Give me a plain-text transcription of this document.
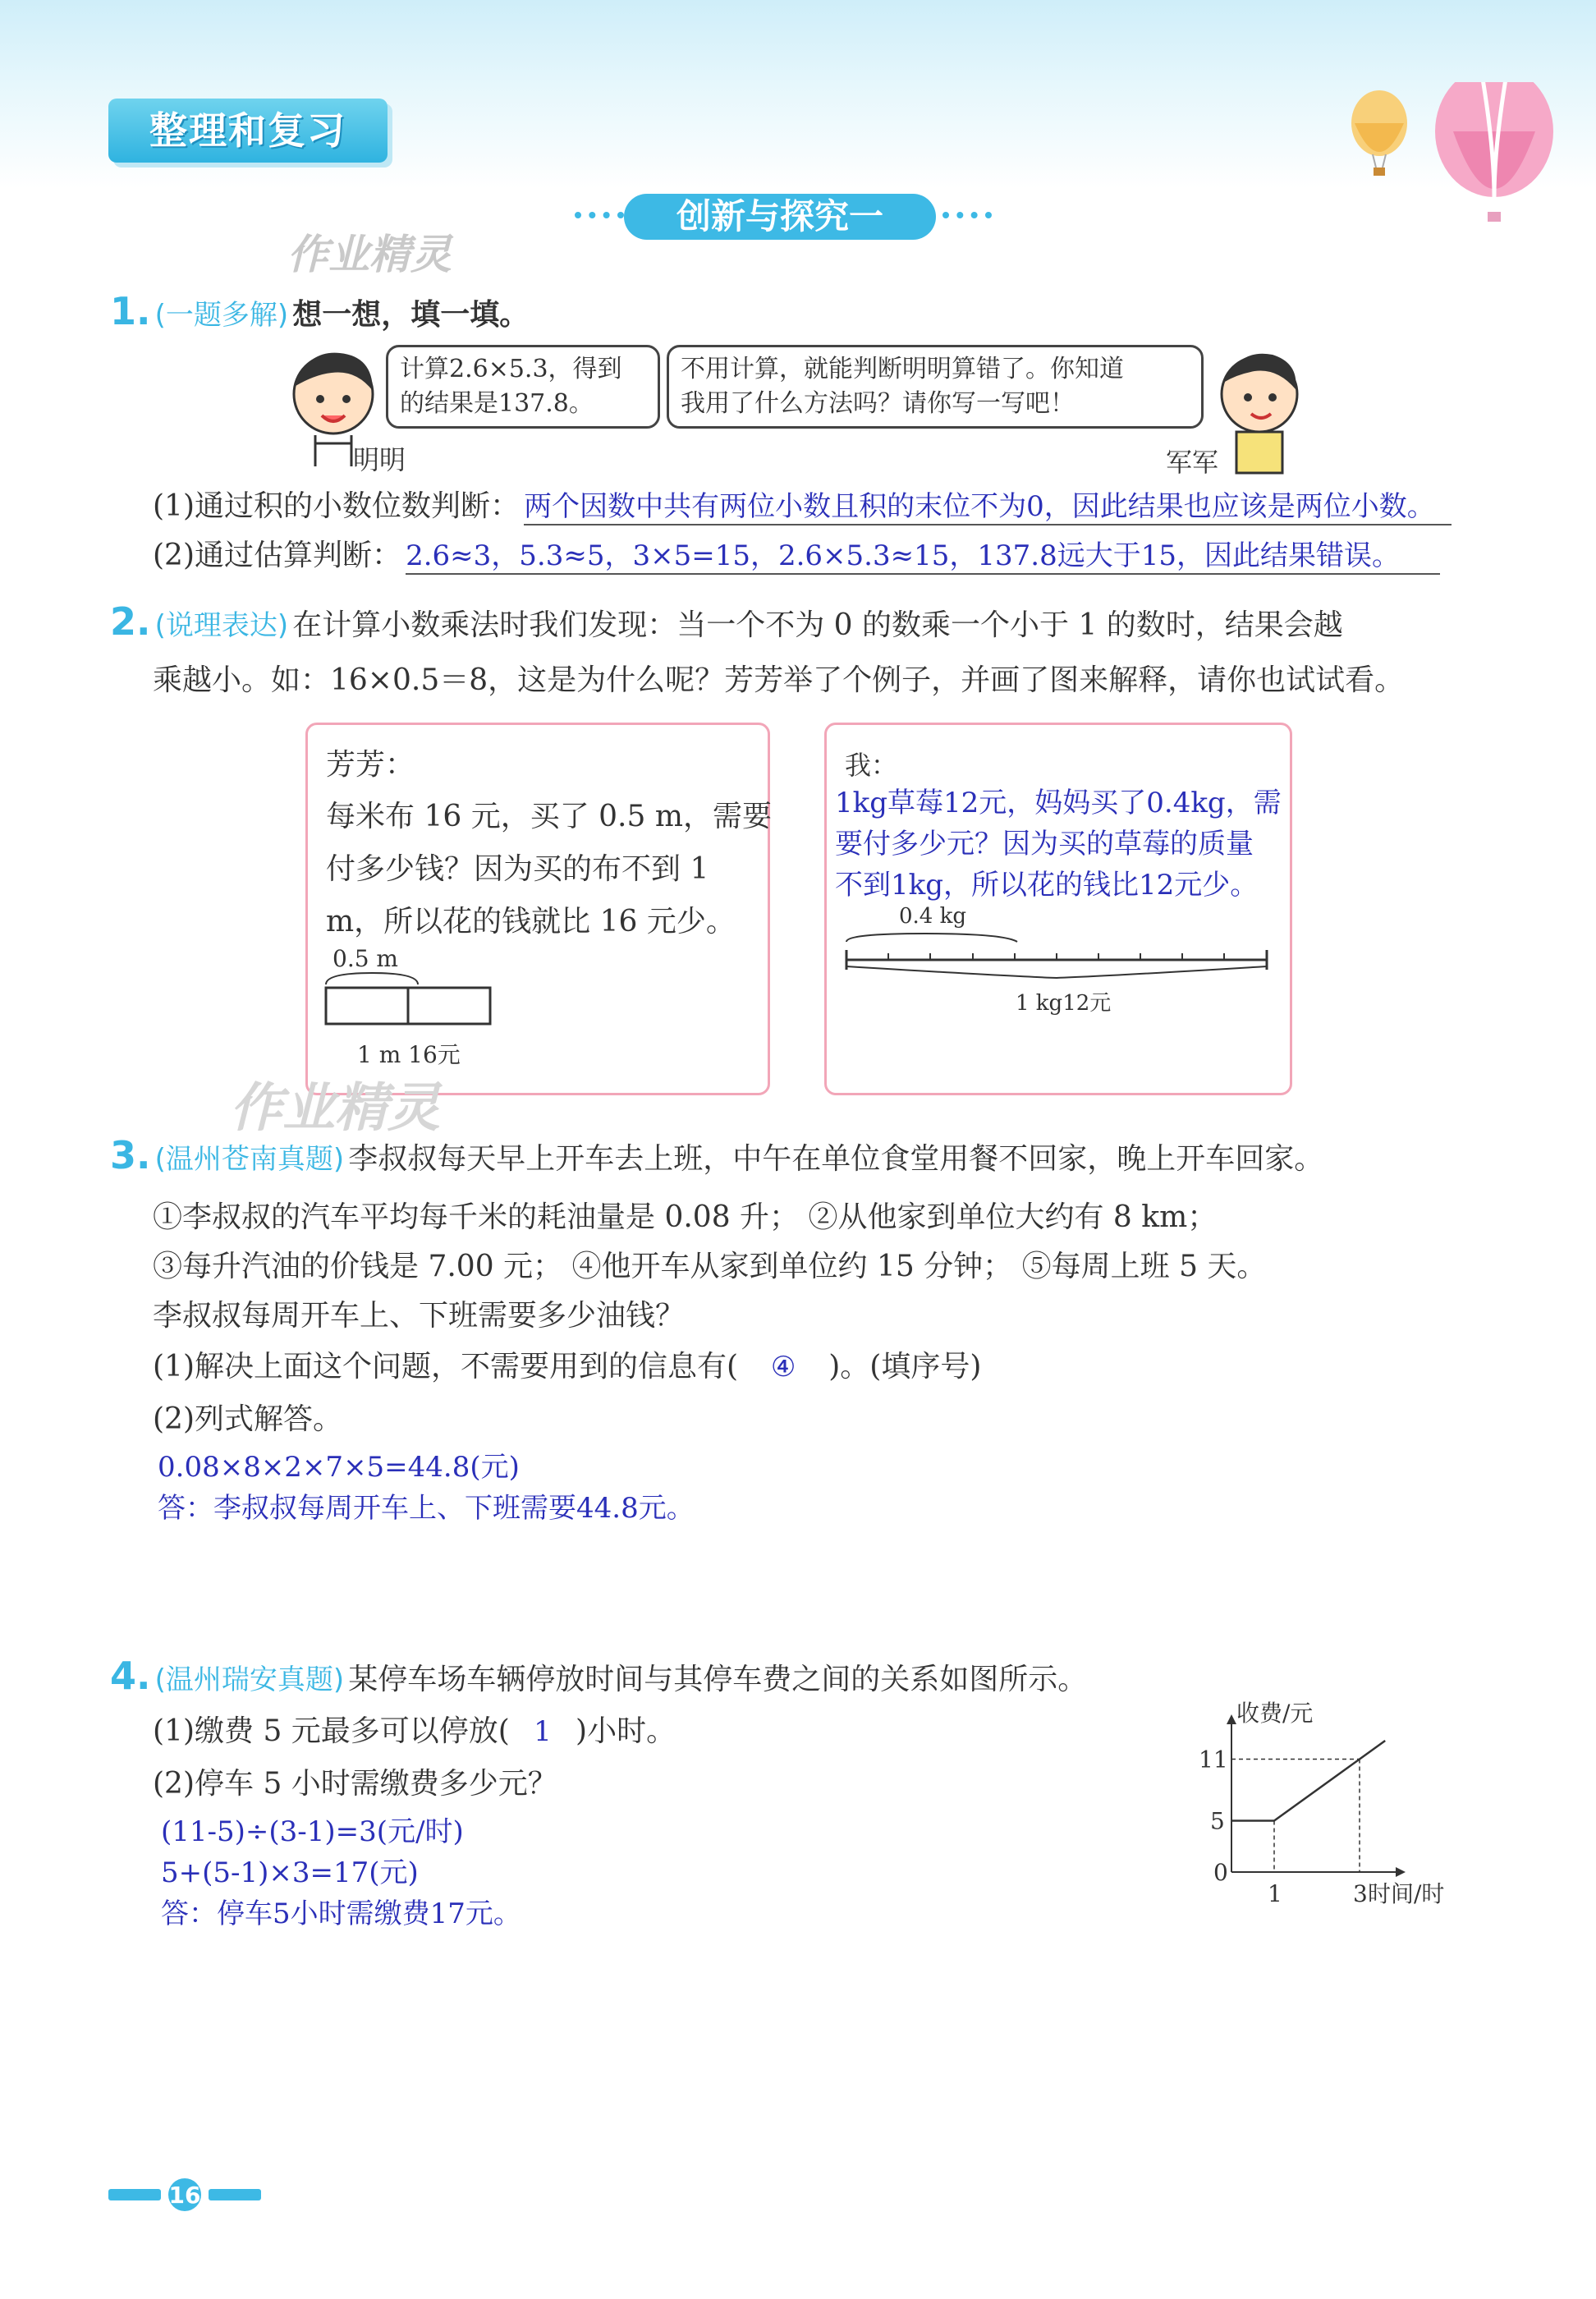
整理和复习
创新与探究一
作业精灵
1. (一题多解) 想一想，填一填。
计算2.6×5.3，得到
的结果是137.8。
明明
不用计算，就能判断明明算错了。你知道
我用了什么方法吗？请你写一写吧！
军军
(1)通过积的小数位数判断： 两个因数中共有两位小数且积的末位不为0，因此结果也应该是两位小数。
(2)通过估算判断： 2.6≈3，5.3≈5，3×5=15，2.6×5.3≈15，137.8远大于15，因此结果错误。
2. (说理表达) 在计算小数乘法时我们发现：当一个不为 0 的数乘一个小于 1 的数时，结果会越
乘越小。如：16×0.5＝8，这是为什么呢？芳芳举了个例子，并画了图来解释，请你也试试看。
芳芳：
每米布 16 元，买了 0.5 m，需要
付多少钱？因为买的布不到 1
m，所以花的钱就比 16 元少。
0.5 m
1 m 16元
我：
1kg草莓12元，妈妈买了0.4kg，需
要付多少元？因为买的草莓的质量
不到1kg，所以花的钱比12元少。
0.4 kg
1 kg12元
作业精灵
3. (温州苍南真题) 李叔叔每天早上开车去上班，中午在单位食堂用餐不回家，晚上开车回家。
①李叔叔的汽车平均每千米的耗油量是 0.08 升； ②从他家到单位大约有 8 km；
③每升汽油的价钱是 7.00 元； ④他开车从家到单位约 15 分钟； ⑤每周上班 5 天。
李叔叔每周开车上、下班需要多少油钱？
(1)解决上面这个问题，不需要用到的信息有( ④ )。(填序号)
(2)列式解答。
0.08×8×2×7×5=44.8(元)
答：李叔叔每周开车上、下班需要44.8元。
4. (温州瑞安真题) 某停车场车辆停放时间与其停车费之间的关系如图所示。
(1)缴费 5 元最多可以停放( 1 )小时。
(2)停车 5 小时需缴费多少元？
(11-5)÷(3-1)=3(元/时)
5+(5-1)×3=17(元)
答：停车5小时需缴费17元。
0
1	3
5
11
时间/时
收费/元
16
